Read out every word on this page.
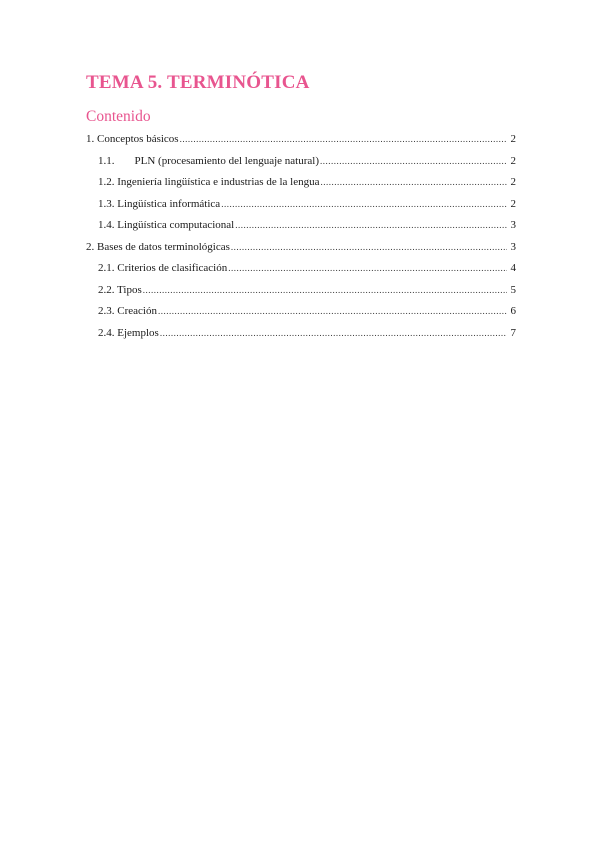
TEMA 5. TERMINÓTICA
Contenido
1. Conceptos básicos .....	2
1.1. PLN (procesamiento del lenguaje natural) .....	2
1.2. Ingeniería lingüística e industrias de la lengua .....	2
1.3. Lingüística informática .....	2
1.4. Lingüística computacional .....	3
2. Bases de datos terminológicas .....	3
2.1. Criterios de clasificación .....	4
2.2. Tipos .....	5
2.3. Creación .....	6
2.4. Ejemplos .....	7
